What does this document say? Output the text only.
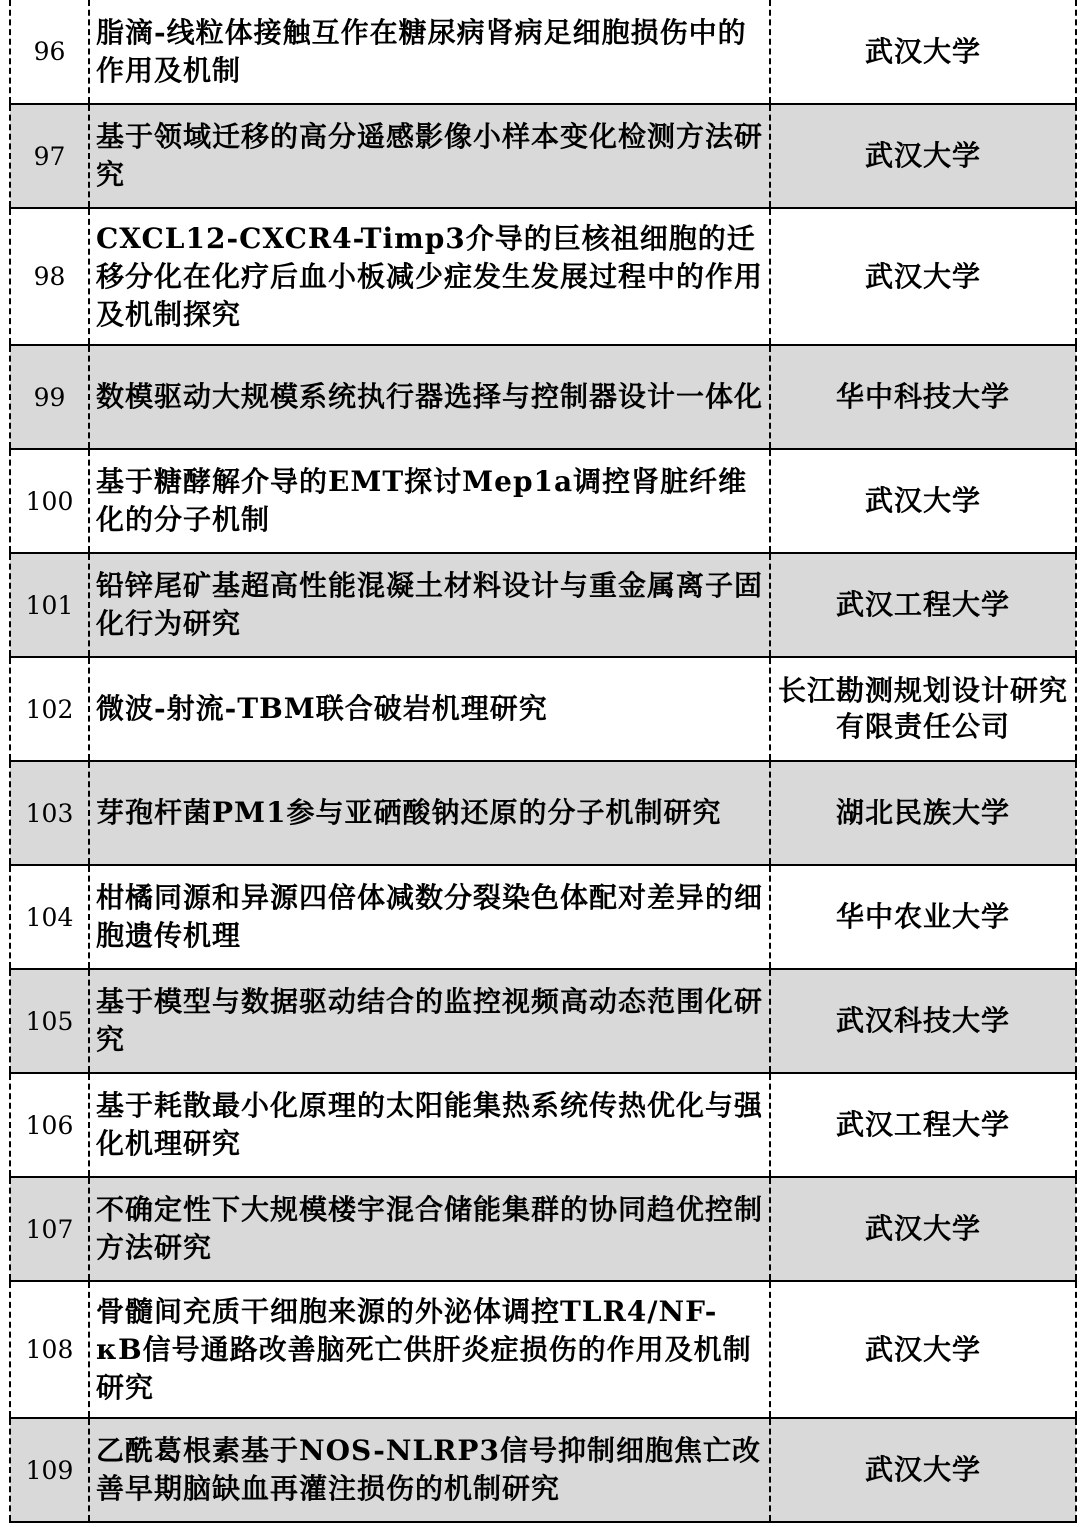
96	脂滴-线粒体接触互作在糖尿病肾病足细胞损伤中的作用及机制	武汉大学
97	基于领域迁移的高分遥感影像小样本变化检测方法研究	武汉大学
98	CXCL12-CXCR4-Timp3介导的巨核祖细胞的迁移分化在化疗后血小板减少症发生发展过程中的作用及机制探究	武汉大学
99	数模驱动大规模系统执行器选择与控制器设计一体化	华中科技大学
100	基于糖酵解介导的EMT探讨Mep1a调控肾脏纤维化的分子机制	武汉大学
101	铅锌尾矿基超高性能混凝土材料设计与重金属离子固化行为研究	武汉工程大学
102	微波-射流-TBM联合破岩机理研究	长江勘测规划设计研究有限责任公司
103	芽孢杆菌PM1参与亚硒酸钠还原的分子机制研究	湖北民族大学
104	柑橘同源和异源四倍体减数分裂染色体配对差异的细胞遗传机理	华中农业大学
105	基于模型与数据驱动结合的监控视频高动态范围化研究	武汉科技大学
106	基于耗散最小化原理的太阳能集热系统传热优化与强化机理研究	武汉工程大学
107	不确定性下大规模楼宇混合储能集群的协同趋优控制方法研究	武汉大学
108	骨髓间充质干细胞来源的外泌体调控TLR4/NF-κB信号通路改善脑死亡供肝炎症损伤的作用及机制研究	武汉大学
109	乙酰葛根素基于NOS-NLRP3信号抑制细胞焦亡改善早期脑缺血再灌注损伤的机制研究	武汉大学
